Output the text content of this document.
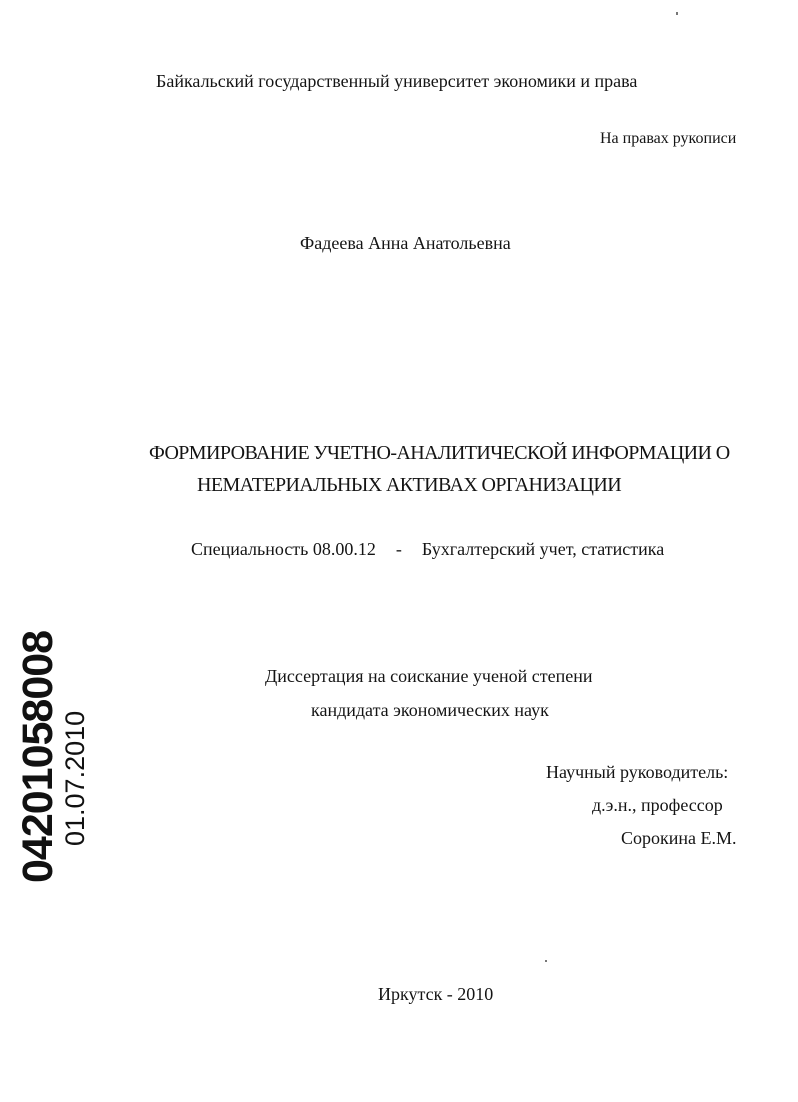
Байкальский государственный университет экономики и права
На правах рукописи
Фадеева Анна Анатольевна
ФОРМИРОВАНИЕ УЧЕТНО-АНАЛИТИЧЕСКОЙ ИНФОРМАЦИИ О
НЕМАТЕРИАЛЬНЫХ АКТИВАХ ОРГАНИЗАЦИИ
Специальность 08.00.12 - Бухгалтерский учет, статистика
Диссертация на соискание ученой степени
кандидата экономических наук
Научный руководитель:
д.э.н., профессор
Сорокина Е.М.
Иркутск - 2010
04201058008
01.07.2010
